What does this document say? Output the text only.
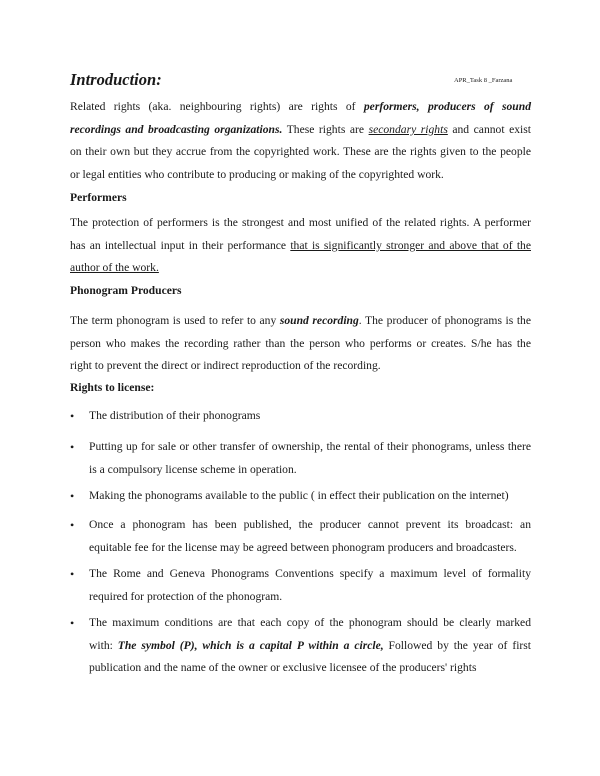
Introduction:	APR_Task 8 _Farzana
Related rights (aka. neighbouring rights) are rights of performers, producers of sound
recordings and broadcasting organizations. These rights are secondary rights and cannot exist
on their own but they accrue from the copyrighted work. These are the rights given to the people
or legal entities who contribute to producing or making of the copyrighted work.
Performers
The protection of performers is the strongest and most unified of the related rights. A performer
has an intellectual input in their performance that is significantly stronger and above that of the
author of the work.
Phonogram Producers
The term phonogram is used to refer to any sound recording. The producer of phonograms is the
person who makes the recording rather than the person who performs or creates. S/he has the
right to prevent the direct or indirect reproduction of the recording.
Rights to license:
•
The distribution of their phonograms
•
Putting up for sale or other transfer of ownership, the rental of their phonograms, unless there
is a compulsory license scheme in operation.
•
Making the phonograms available to the public ( in effect their publication on the internet)
•
Once a phonogram has been published, the producer cannot prevent its broadcast: an
equitable fee for the license may be agreed between phonogram producers and broadcasters.
•
The Rome and Geneva Phonograms Conventions specify a maximum level of formality
required for protection of the phonogram.
•
The maximum conditions are that each copy of the phonogram should be clearly marked
with: The symbol (P), which is a capital P within a circle, Followed by the year of first
publication and the name of the owner or exclusive licensee of the producers' rights
